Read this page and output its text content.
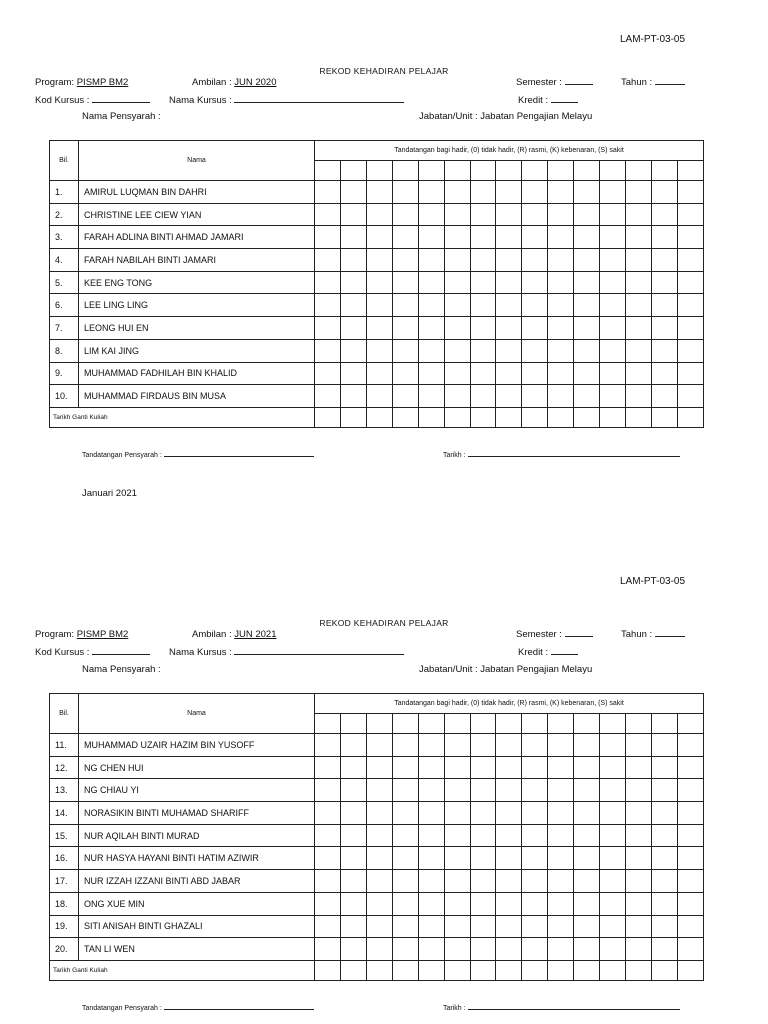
LAM-PT-03-05
REKOD KEHADIRAN PELAJAR
Program: PISMP BM2	Ambilan : JUN 2020	Semester :	Tahun :
Kod Kursus :	Nama Kursus :	Kredit :
Nama Pensyarah :	Jabatan/Unit : Jabatan Pengajian Melayu
Bil.	Nama	Tandatangan bagi hadir, (0) tidak hadir, (R) rasmi, (K) kebenaran, (S) sakit														

1.	AMIRUL LUQMAN BIN DAHRI															
2.	CHRISTINE LEE CIEW YIAN															
3.	FARAH ADLINA BINTI AHMAD JAMARI															
4.	FARAH NABILAH BINTI JAMARI															
5.	KEE ENG TONG															
6.	LEE LING LING															
7.	LEONG HUI EN															
8.	LIM KAI JING															
9.	MUHAMMAD FADHILAH BIN KHALID															
10.	MUHAMMAD FIRDAUS BIN MUSA															
Tarikh Ganti Kuliah																
Tandatangan Pensyarah :	Tarikh :
Januari 2021
LAM-PT-03-05
REKOD KEHADIRAN PELAJAR
Program: PISMP BM2	Ambilan : JUN 2021	Semester :	Tahun :
Kod Kursus :	Nama Kursus :	Kredit :
Nama Pensyarah :	Jabatan/Unit : Jabatan Pengajian Melayu
Bil.	Nama	Tandatangan bagi hadir, (0) tidak hadir, (R) rasmi, (K) kebenaran, (S) sakit														

11.	MUHAMMAD UZAIR HAZIM BIN YUSOFF															
12.	NG CHEN HUI															
13.	NG CHIAU YI															
14.	NORASIKIN BINTI MUHAMAD SHARIFF															
15.	NUR AQILAH BINTI MURAD															
16.	NUR HASYA HAYANI BINTI HATIM AZIWIR															
17.	NUR IZZAH IZZANI BINTI ABD JABAR															
18.	ONG XUE MIN															
19.	SITI ANISAH BINTI GHAZALI															
20.	TAN LI WEN															
Tarikh Ganti Kuliah																
Tandatangan Pensyarah :	Tarikh :
